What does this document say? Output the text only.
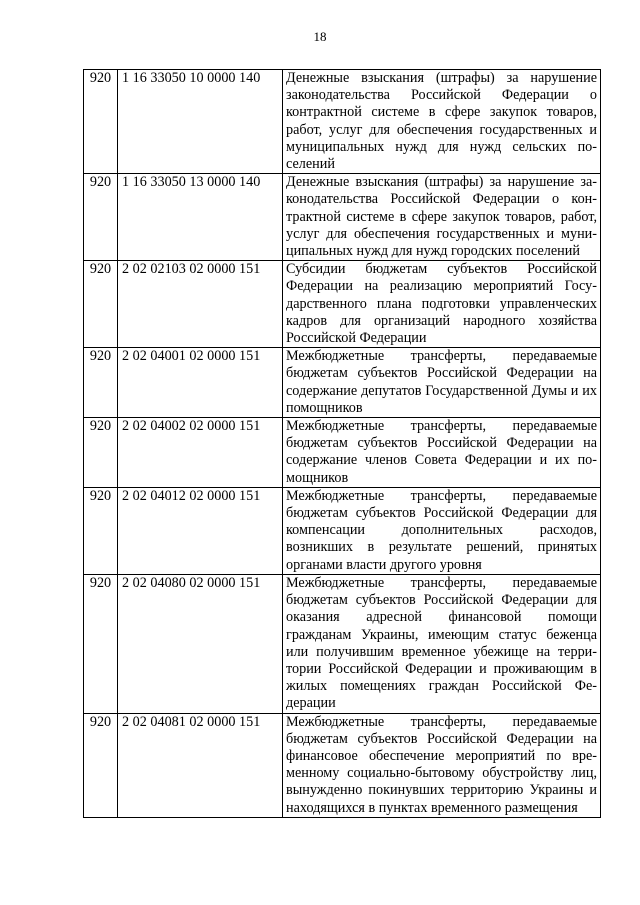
18
920	1 16 33050 10 0000 140	Денежные взыскания (штрафы) за нарушение законодательства Российской Федерации о контрактной системе в сфере закупок товаров, работ, услуг для обеспечения государственных и муниципальных нужд для нужд сельских поселений
920	1 16 33050 13 0000 140	Денежные взыскания (штрафы) за нарушение законодательства Российской Федерации о контрактной системе в сфере закупок товаров, работ, услуг для обеспечения государственных и муниципальных нужд для нужд городских поселений
920	2 02 02103 02 0000 151	Субсидии бюджетам субъектов Российской Федерации на реализацию мероприятий Государственного плана подготовки управленческих кадров для организаций народного хозяйства Российской Федерации
920	2 02 04001 02 0000 151	Межбюджетные трансферты, передаваемые бюджетам субъектов Российской Федерации на содержание депутатов Государственной Думы и их помощников
920	2 02 04002 02 0000 151	Межбюджетные трансферты, передаваемые бюджетам субъектов Российской Федерации на содержание членов Совета Федерации и их помощников
920	2 02 04012 02 0000 151	Межбюджетные трансферты, передаваемые бюджетам субъектов Российской Федерации для компенсации дополнительных расходов, возникших в результате решений, принятых органами власти другого уровня
920	2 02 04080 02 0000 151	Межбюджетные трансферты, передаваемые бюджетам субъектов Российской Федерации для оказания адресной финансовой помощи гражданам Украины, имеющим статус беженца или получившим временное убежище на территории Российской Федерации и проживающим в жилых помещениях граждан Российской Федерации
920	2 02 04081 02 0000 151	Межбюджетные трансферты, передаваемые бюджетам субъектов Российской Федерации на финансовое обеспечение мероприятий по временному социально-бытовому обустройству лиц, вынужденно покинувших территорию Украины и находящихся в пунктах временного размещения
